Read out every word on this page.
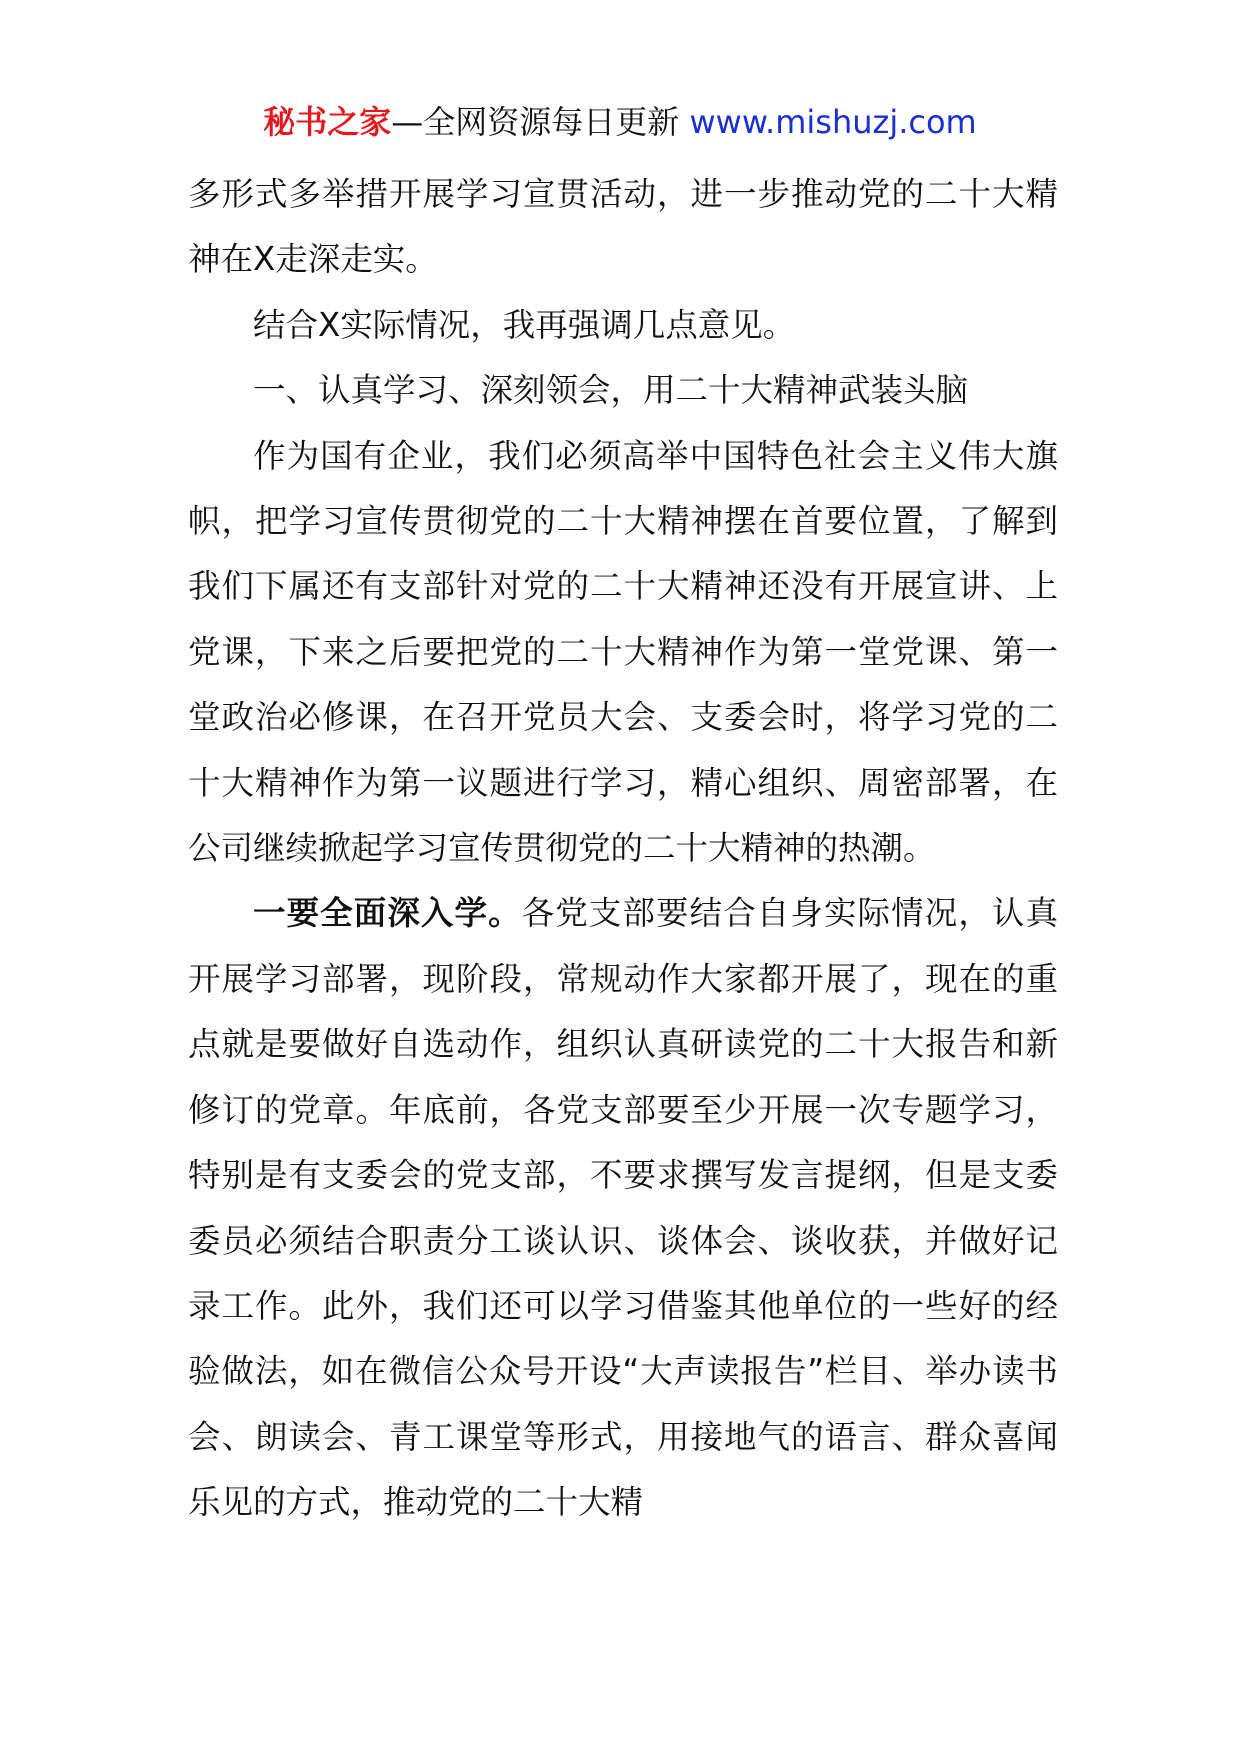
秘书之家—全网资源每日更新 www.mishuzj.com

多形式多举措开展学习宣贯活动，进一步推动党的二十大精神在X走深走实。

结合X实际情况，我再强调几点意见。

一、认真学习、深刻领会，用二十大精神武装头脑

作为国有企业，我们必须高举中国特色社会主义伟大旗帜，把学习宣传贯彻党的二十大精神摆在首要位置，了解到我们下属还有支部针对党的二十大精神还没有开展宣讲、上党课，下来之后要把党的二十大精神作为第一堂党课、第一堂政治必修课，在召开党员大会、支委会时，将学习党的二十大精神作为第一议题进行学习，精心组织、周密部署，在公司继续掀起学习宣传贯彻党的二十大精神的热潮。

一要全面深入学。各党支部要结合自身实际情况，认真开展学习部署，现阶段，常规动作大家都开展了，现在的重点就是要做好自选动作，组织认真研读党的二十大报告和新修订的党章。年底前，各党支部要至少开展一次专题学习，特别是有支委会的党支部，不要求撰写发言提纲，但是支委委员必须结合职责分工谈认识、谈体会、谈收获，并做好记录工作。此外，我们还可以学习借鉴其他单位的一些好的经验做法，如在微信公众号开设“大声读报告”栏目、举办读书会、朗读会、青工课堂等形式，用接地气的语言、群众喜闻乐见的方式，推动党的二十大精
